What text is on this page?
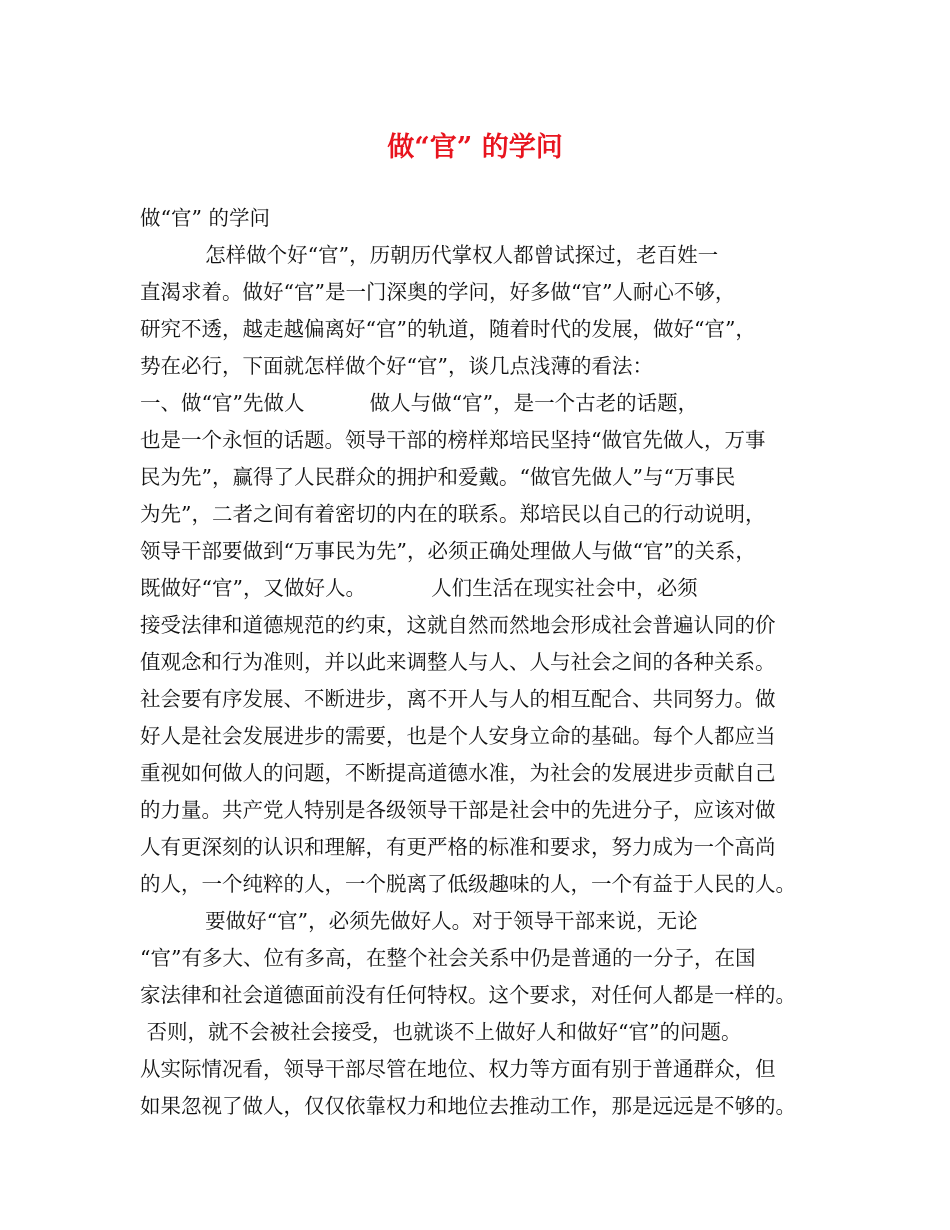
做“官” 的学问
做“官” 的学问
怎样做个好“官”，历朝历代掌权人都曾试探过，老百姓一
直渴求着。做好“官”是一门深奥的学问，好多做“官”人耐心不够，
研究不透，越走越偏离好“官”的轨道，随着时代的发展，做好“官”，
势在必行，下面就怎样做个好“官”，谈几点浅薄的看法：
一、做“官”先做人          做人与做“官”，是一个古老的话题，
也是一个永恒的话题。领导干部的榜样郑培民坚持“做官先做人，万事
民为先”，赢得了人民群众的拥护和爱戴。“做官先做人”与“万事民
为先”，二者之间有着密切的内在的联系。郑培民以自己的行动说明，
领导干部要做到“万事民为先”，必须正确处理做人与做“官”的关系，
既做好“官”，又做好人。          人们生活在现实社会中，必须
接受法律和道德规范的约束，这就自然而然地会形成社会普遍认同的价
值观念和行为准则，并以此来调整人与人、人与社会之间的各种关系。
社会要有序发展、不断进步，离不开人与人的相互配合、共同努力。做
好人是社会发展进步的需要，也是个人安身立命的基础。每个人都应当
重视如何做人的问题，不断提高道德水准，为社会的发展进步贡献自己
的力量。共产党人特别是各级领导干部是社会中的先进分子，应该对做
人有更深刻的认识和理解，有更严格的标准和要求，努力成为一个高尚
的人，一个纯粹的人，一个脱离了低级趣味的人，一个有益于人民的人。
要做好“官”，必须先做好人。对于领导干部来说，无论
“官”有多大、位有多高，在整个社会关系中仍是普通的一分子，在国
家法律和社会道德面前没有任何特权。这个要求，对任何人都是一样的。
否则，就不会被社会接受，也就谈不上做好人和做好“官”的问题。
从实际情况看，领导干部尽管在地位、权力等方面有别于普通群众，但
如果忽视了做人，仅仅依靠权力和地位去推动工作，那是远远是不够的。
